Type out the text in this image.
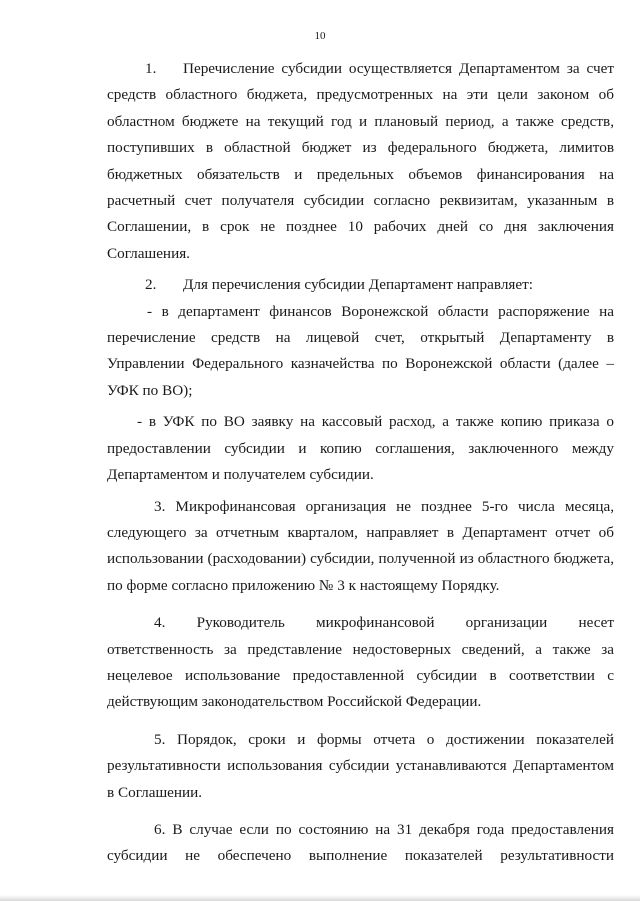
10

1. Перечисление субсидии осуществляется Департаментом за счет средств областного бюджета, предусмотренных на эти цели законом об областном бюджете на текущий год и плановый период, а также средств, поступивших в областной бюджет из федерального бюджета, лимитов бюджетных обязательств и предельных объемов финансирования на расчетный счет получателя субсидии согласно реквизитам, указанным в Соглашении, в срок не позднее 10 рабочих дней со дня заключения Соглашения.

2. Для перечисления субсидии Департамент направляет:

- в департамент финансов Воронежской области распоряжение на перечисление средств на лицевой счет, открытый Департаменту в Управлении Федерального казначейства по Воронежской области (далее – УФК по ВО);

- в УФК по ВО заявку на кассовый расход, а также копию приказа о предоставлении субсидии и копию соглашения, заключенного между Департаментом и получателем субсидии.

3. Микрофинансовая организация не позднее 5-го числа месяца, следующего за отчетным кварталом, направляет в Департамент отчет об использовании (расходовании) субсидии, полученной из областного бюджета, по форме согласно приложению № 3 к настоящему Порядку.

4. Руководитель микрофинансовой организации несет ответственность за представление недостоверных сведений, а также за нецелевое использование предоставленной субсидии в соответствии с действующим законодательством Российской Федерации.

5. Порядок, сроки и формы отчета о достижении показателей результативности использования субсидии устанавливаются Департаментом в Соглашении.

6. В случае если по состоянию на 31 декабря года предоставления субсидии не обеспечено выполнение показателей результативности
